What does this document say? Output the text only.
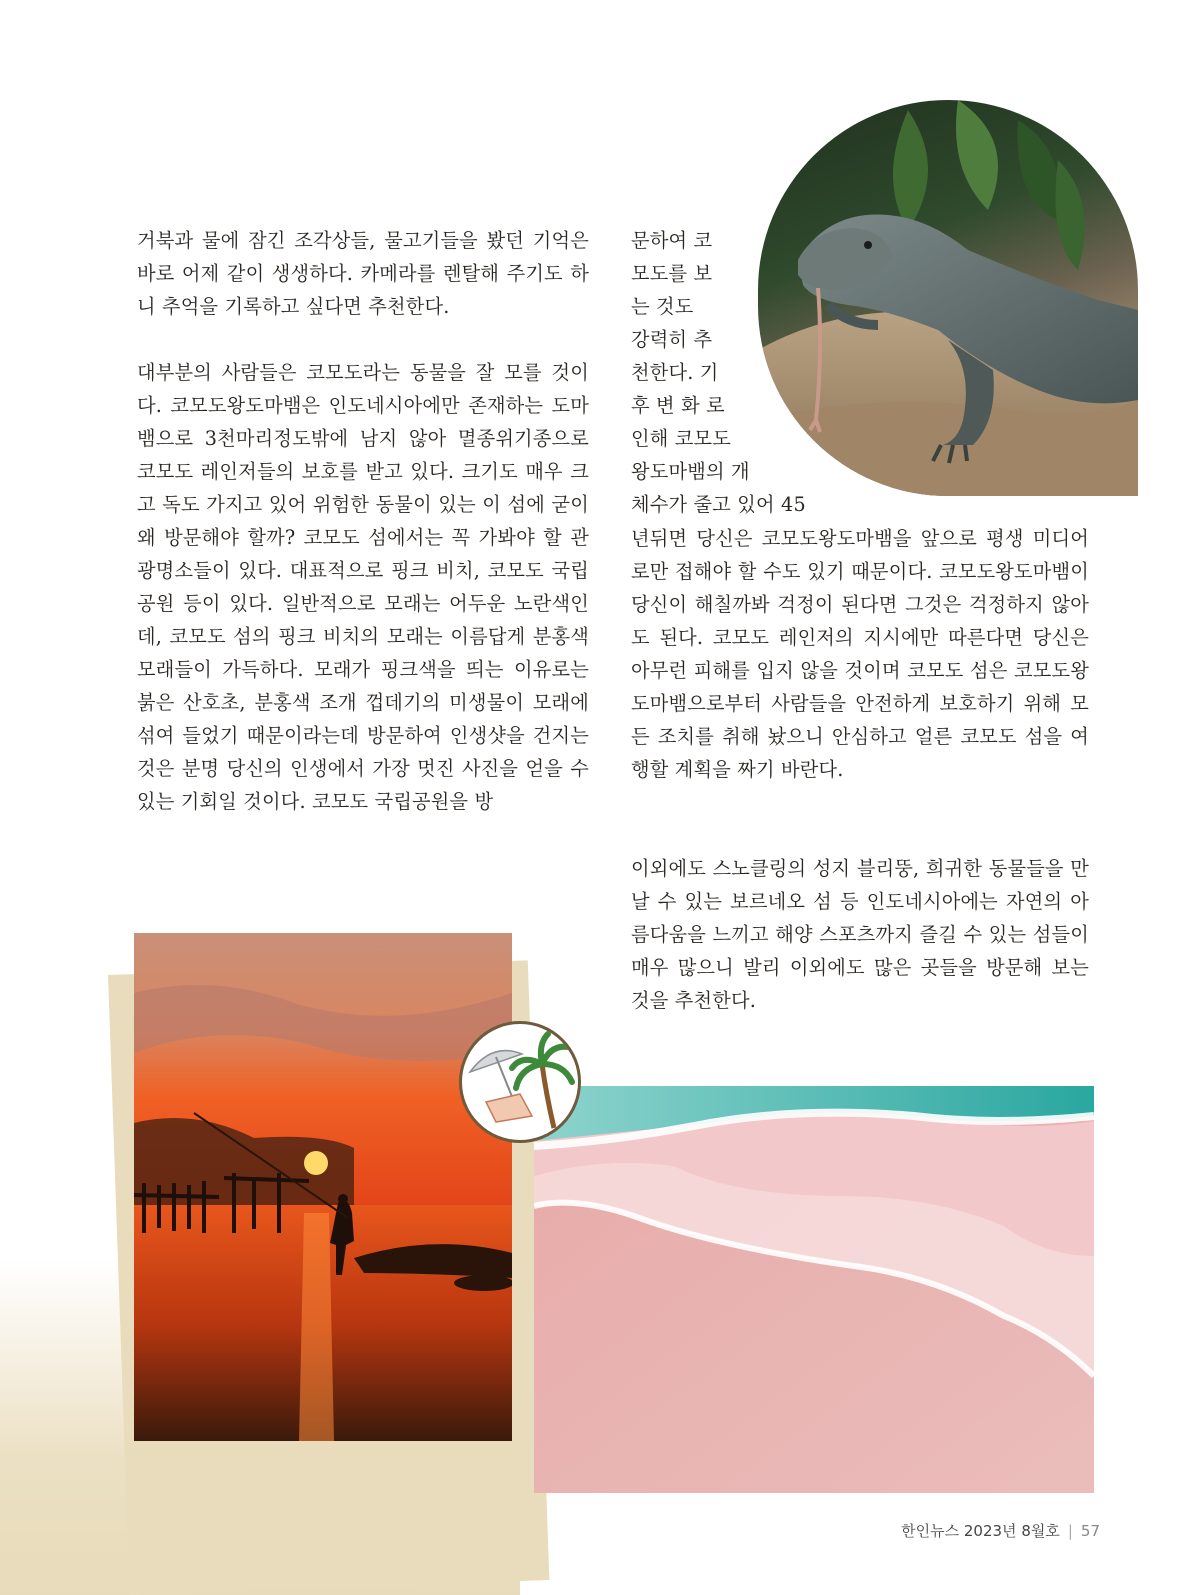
거북과 물에 잠긴 조각상들, 물고기들을 봤던 기억은 바로 어제 같이 생생하다. 카메라를 렌탈해 주기도 하니 추억을 기록하고 싶다면 추천한다.

대부분의 사람들은 코모도라는 동물을 잘 모를 것이다. 코모도왕도마뱀은 인도네시아에만 존재하는 도마뱀으로 3천마리정도밖에 남지 않아 멸종위기종으로 코모도 레인저들의 보호를 받고 있다. 크기도 매우 크고 독도 가지고 있어 위험한 동물이 있는 이 섬에 굳이 왜 방문해야 할까? 코모도 섬에서는 꼭 가봐야 할 관광명소들이 있다. 대표적으로 핑크 비치, 코모도 국립공원 등이 있다. 일반적으로 모래는 어두운 노란색인데, 코모도 섬의 핑크 비치의 모래는 이름답게 분홍색 모래들이 가득하다. 모래가 핑크색을 띄는 이유로는 붉은 산호초, 분홍색 조개 껍데기의 미생물이 모래에 섞여 들었기 때문이라는데 방문하여 인생샷을 건지는 것은 분명 당신의 인생에서 가장 멋진 사진을 얻을 수 있는 기회일 것이다. 코모도 국립공원을 방

문하여 코
모도를 보
는 것도
강력히 추
천한다. 기
후 변 화 로
인해 코모도
왕도마뱀의 개
체수가 줄고 있어 45

년뒤면 당신은 코모도왕도마뱀을 앞으로 평생 미디어로만 접해야 할 수도 있기 때문이다. 코모도왕도마뱀이 당신이 해칠까봐 걱정이 된다면 그것은 걱정하지 않아도 된다. 코모도 레인저의 지시에만 따른다면 당신은 아무런 피해를 입지 않을 것이며 코모도 섬은 코모도왕도마뱀으로부터 사람들을 안전하게 보호하기 위해 모든 조치를 취해 놨으니 안심하고 얼른 코모도 섬을 여행할 계획을 짜기 바란다.

이외에도 스노클링의 성지 블리뚱, 희귀한 동물들을 만날 수 있는 보르네오 섬 등 인도네시아에는 자연의 아름다움을 느끼고 해양 스포츠까지 즐길 수 있는 섬들이 매우 많으니 발리 이외에도 많은 곳들을 방문해 보는 것을 추천한다.

한인뉴스 2023년 8월호 | 57
